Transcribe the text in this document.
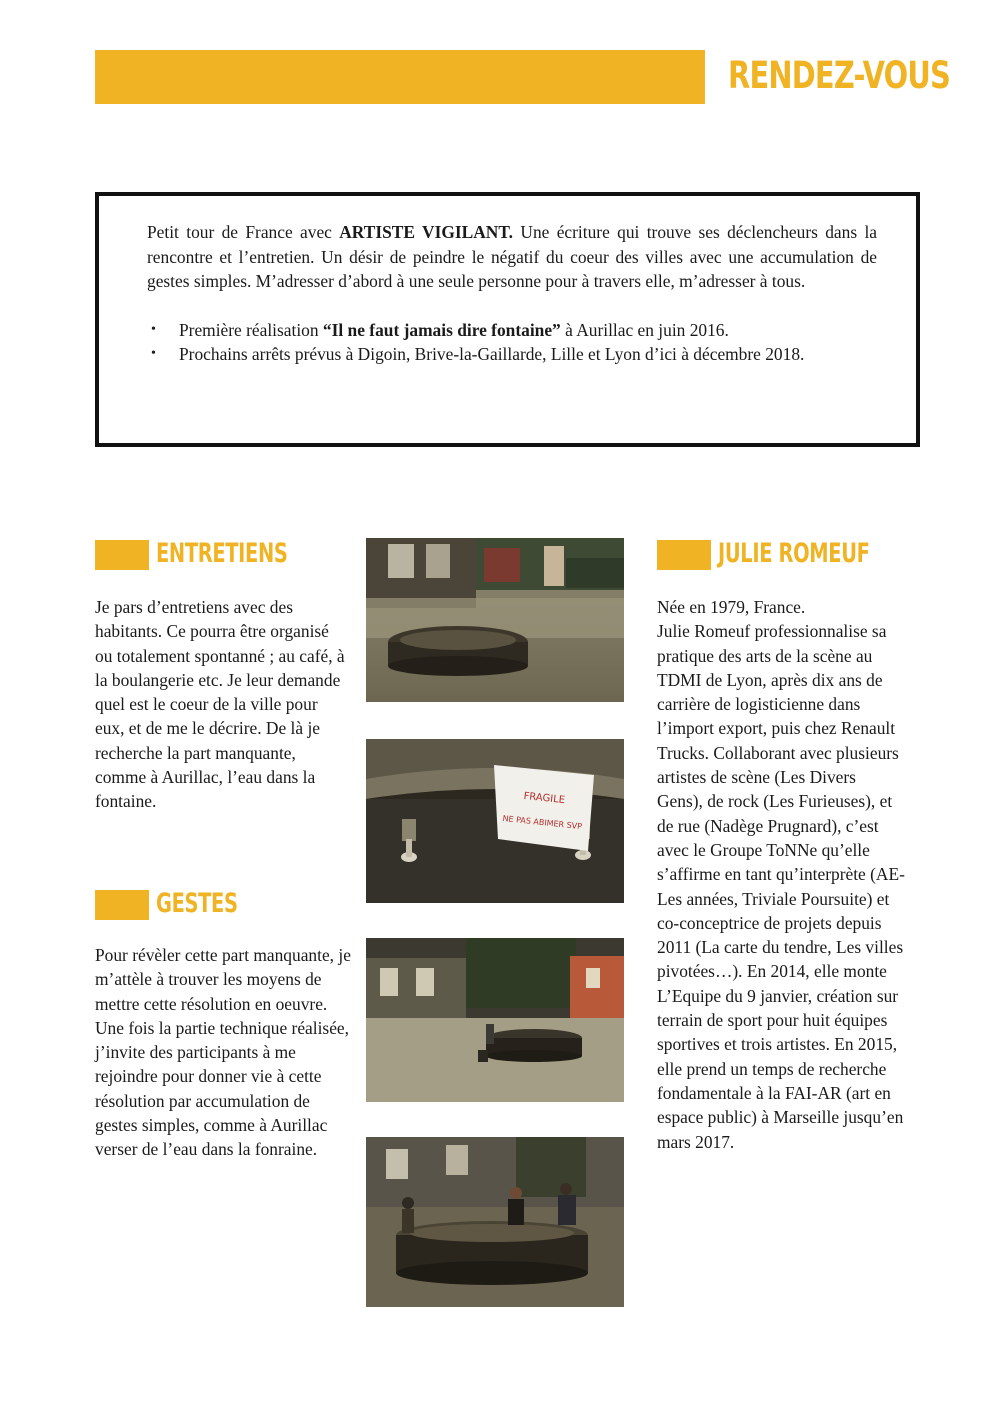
RENDEZ-VOUS
Petit tour de France avec ARTISTE VIGILANT. Une écriture qui trouve ses déclencheurs dans la rencontre et l’entretien. Un désir de peindre le négatif du coeur des villes avec une accumulation de gestes simples. M’adresser d’abord à une seule personne pour à travers elle, m’adresser à tous.
• Première réalisation “Il ne faut jamais dire fontaine” à Aurillac en juin 2016.
• Prochains arrêts prévus à Digoin, Brive-la-Gaillarde, Lille et Lyon d’ici à décembre 2018.
ENTRETIENS
Je pars d’entretiens avec des habitants. Ce pourra être organisé ou totalement spontanné ; au café, à la boulangerie etc. Je leur demande quel est le coeur de la ville pour eux, et de me le décrire. De là je recherche la part manquante, comme à Aurillac, l’eau dans la fontaine.
GESTES
Pour révèler cette part manquante, je m’attèle à trouver les moyens de mettre cette résolution en oeuvre. Une fois la partie technique réalisée, j’invite des participants à me rejoindre pour donner vie à cette résolution par accumulation de gestes simples, comme à Aurillac verser de l’eau dans la fonraine.
JULIE ROMEUF
Née en 1979, France.
Julie Romeuf professionnalise sa pratique des arts de la scène au TDMI de Lyon, après dix ans de carrière de logisticienne dans l’import export, puis chez Renault Trucks. Collaborant avec plusieurs artistes de scène (Les Divers Gens), de rock (Les Furieuses), et de rue (Nadège Prugnard), c’est avec le Groupe ToNNe qu’elle s’affirme en tant qu’interprète (AE-Les années, Triviale Poursuite) et co-conceptrice de projets depuis 2011 (La carte du tendre, Les villes pivotées…). En 2014, elle monte L’Equipe du 9 janvier, création sur terrain de sport pour huit équipes sportives et trois artistes. En 2015, elle prend un temps de recherche fondamentale à la FAI-AR (art en espace public) à Marseille jusqu’en mars 2017.
FRAGILE
NE PAS ABIMER SVP
